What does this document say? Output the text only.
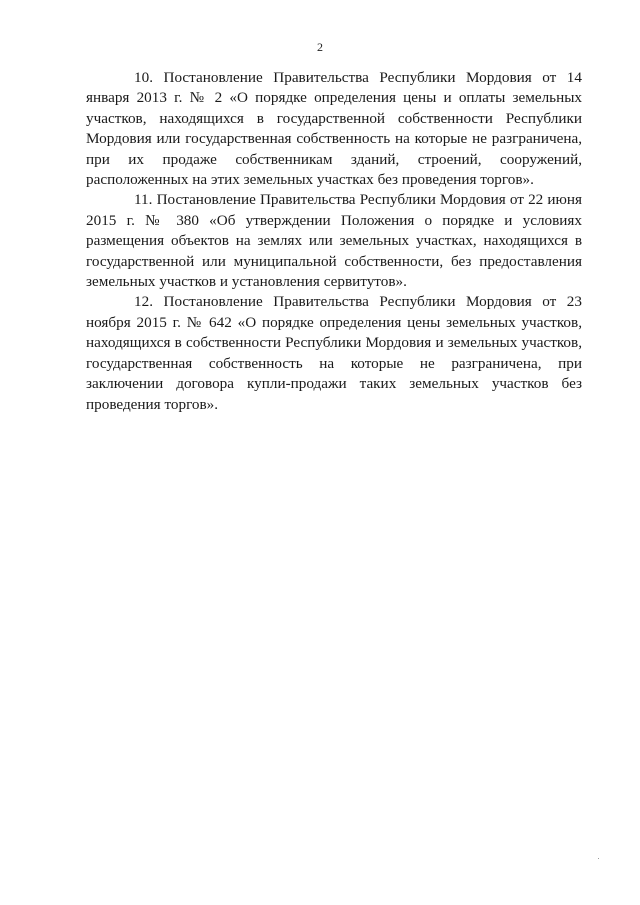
2

10. Постановление Правительства Республики Мордовия от 14 января 2013 г. № 2 «О порядке определения цены и оплаты земельных участков, находящихся в государственной собственности Республики Мордовия или государственная собственность на которые не разграничена, при их продаже собственникам зданий, строений, сооружений, расположенных на этих земельных участках без проведения торгов».

11. Постановление Правительства Республики Мордовия от 22 июня 2015 г. № 380 «Об утверждении Положения о порядке и условиях размещения объектов на землях или земельных участках, находящихся в государственной или муниципальной собственности, без предоставления земельных участков и установления сервитутов».

12. Постановление Правительства Республики Мордовия от 23 ноября 2015 г. № 642 «О порядке определения цены земельных участков, находящихся в собственности Республики Мордовия и земельных участков, государственная собственность на которые не разграничена, при заключении договора купли-продажи таких земельных участков без проведения торгов».
